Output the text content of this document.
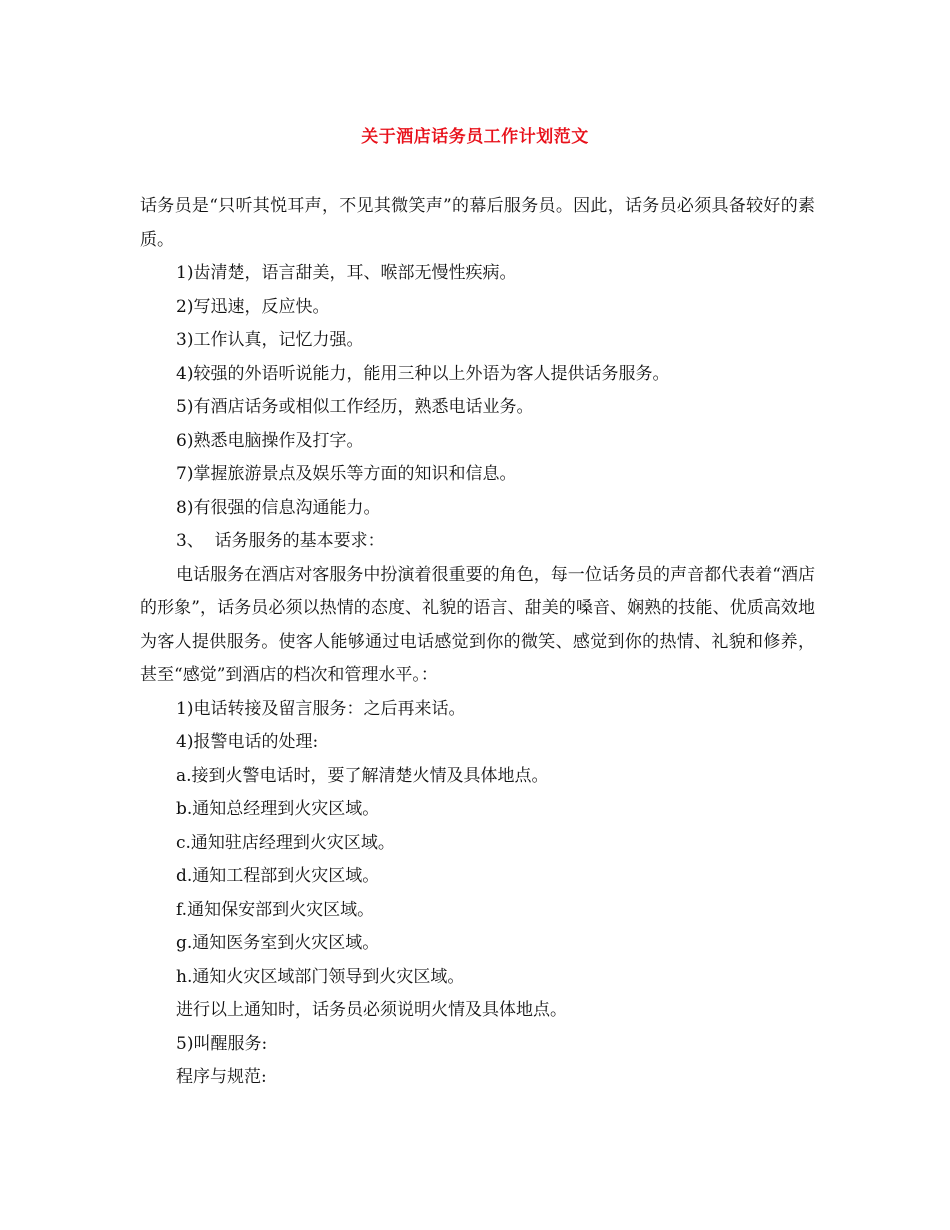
关于酒店话务员工作计划范文

话务员是“只听其悦耳声，不见其微笑声”的幕后服务员。因此，话务员必须具备较好的素质。

1)齿清楚，语言甜美，耳、喉部无慢性疾病。

2)写迅速，反应快。

3)工作认真，记忆力强。

4)较强的外语听说能力，能用三种以上外语为客人提供话务服务。

5)有酒店话务或相似工作经历，熟悉电话业务。

6)熟悉电脑操作及打字。

7)掌握旅游景点及娱乐等方面的知识和信息。

8)有很强的信息沟通能力。

3、  话务服务的基本要求：

电话服务在酒店对客服务中扮演着很重要的角色，每一位话务员的声音都代表着“酒店的形象”，话务员必须以热情的态度、礼貌的语言、甜美的嗓音、娴熟的技能、优质高效地为客人提供服务。使客人能够通过电话感觉到你的微笑、感觉到你的热情、礼貌和修养，甚至“感觉”到酒店的档次和管理水平。：

1)电话转接及留言服务：之后再来话。

4)报警电话的处理:

a.接到火警电话时，要了解清楚火情及具体地点。

b.通知总经理到火灾区域。

c.通知驻店经理到火灾区域。

d.通知工程部到火灾区域。

f.通知保安部到火灾区域。

g.通知医务室到火灾区域。

h.通知火灾区域部门领导到火灾区域。

进行以上通知时，话务员必须说明火情及具体地点。

5)叫醒服务:

程序与规范:
